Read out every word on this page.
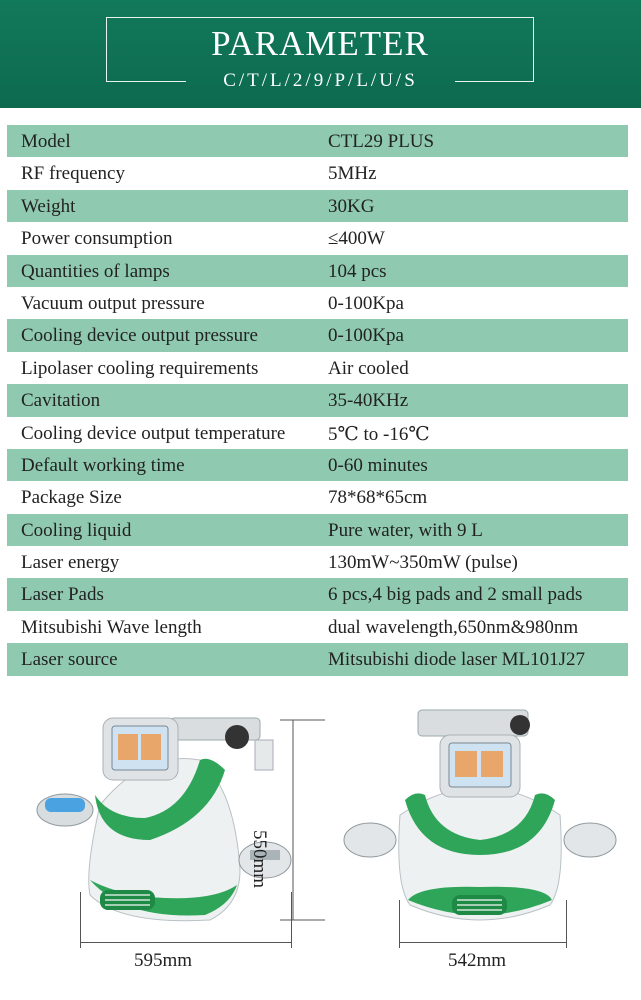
PARAMETER
C/T/L/2/9/P/L/U/S
Model	CTL29 PLUS
RF frequency	5MHz
Weight	30KG
Power consumption	≤400W
Quantities of lamps	104 pcs
Vacuum output pressure	0-100Kpa
Cooling device output pressure	0-100Kpa
Lipolaser cooling requirements	Air cooled
Cavitation	35-40KHz
Cooling device output temperature 5℃ to -16℃
Default working time	0-60 minutes
Package Size	78*68*65cm
Cooling liquid	Pure water, with 9 L
Laser energy	130mW~350mW (pulse)
Laser Pads	6 pcs,4 big pads and 2 small pads
Mitsubishi Wave length	dual wavelength,650nm&980nm
Laser source	Mitsubishi diode laser ML101J27
550mm
595mm	542mm
